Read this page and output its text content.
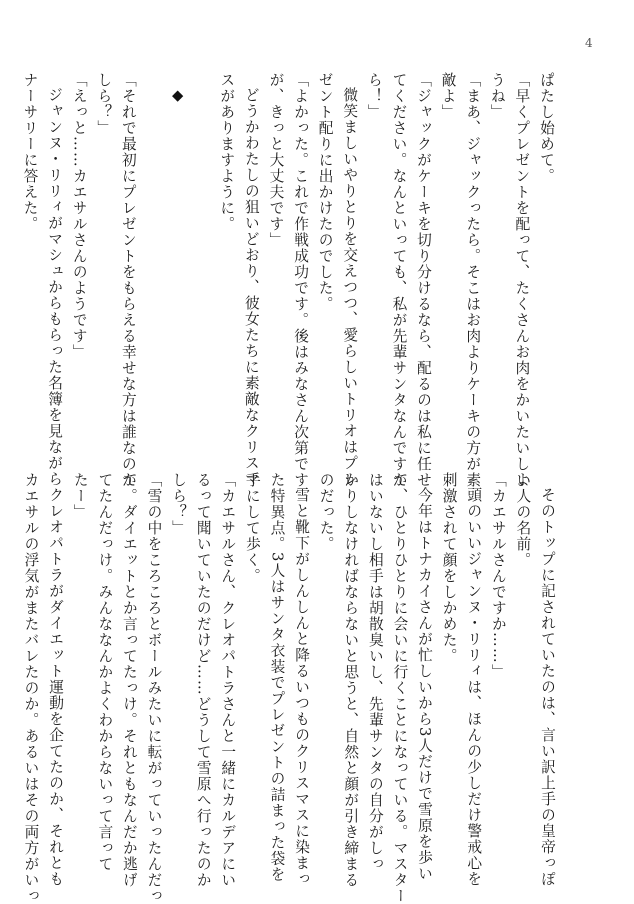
4

ぱたし始めて。

「早くプレゼントを配って、たくさんお肉をかいたいしよ

うね」

「まあ、ジャックったら。そこはお肉よりケーキの方が素

敵よ」

「ジャックがケーキを切り分けるなら、配るのは私に任せ

てください。なんといっても、私が先輩サンタなんですか

ら！」

微笑ましいやりとりを交えつつ、愛らしいトリオはプレ

ゼント配りに出かけたのでした。

「よかった。これで作戦成功です。後はみなさん次第です

が、きっと大丈夫です」

どうかわたしの狙いどおり、彼女たちに素敵なクリスマ

スがありますように。

◆

「それで最初にプレゼントをもらえる幸せな方は誰なのか

しら？」

「えっと……カエサルさんのようです」

ジャンヌ・リリィがマシュからもらった名簿を見ながら

ナーサリーに答えた。

そのトップに記されていたのは、言い訳上手の皇帝っぽ

い人の名前。

「カエサルさんですか……」

頭のいいジャンヌ・リリィは、ほんの少しだけ警戒心を

刺激されて顔をしかめた。

今年はトナカイさんが忙しいから3人だけで雪原を歩い

て、ひとりひとりに会いに行くことになっている。マスター

はいないし相手は胡散臭いし、先輩サンタの自分がしっ

かりしなければならないと思うと、自然と顔が引き締まる

のだった。

雪と靴下がしんしんと降るいつものクリスマスに染まっ

た特異点。3人はサンタ衣装でプレゼントの詰まった袋を

手にして歩く。

「カエサルさん、クレオパトラさんと一緒にカルデアにい

るって聞いていたのだけど……どうして雪原へ行ったのか

しら？」

「雪の中をころころとボールみたいに転がっていったんだっ

て。ダイエットとか言ってたっけ。それともなんだか逃げ

てたんだっけ。みんななんかよくわからないって言って

たー」

クレオパトラがダイエット運動を企てたのか、それとも

カエサルの浮気がまたバレたのか。あるいはその両方がいっ
